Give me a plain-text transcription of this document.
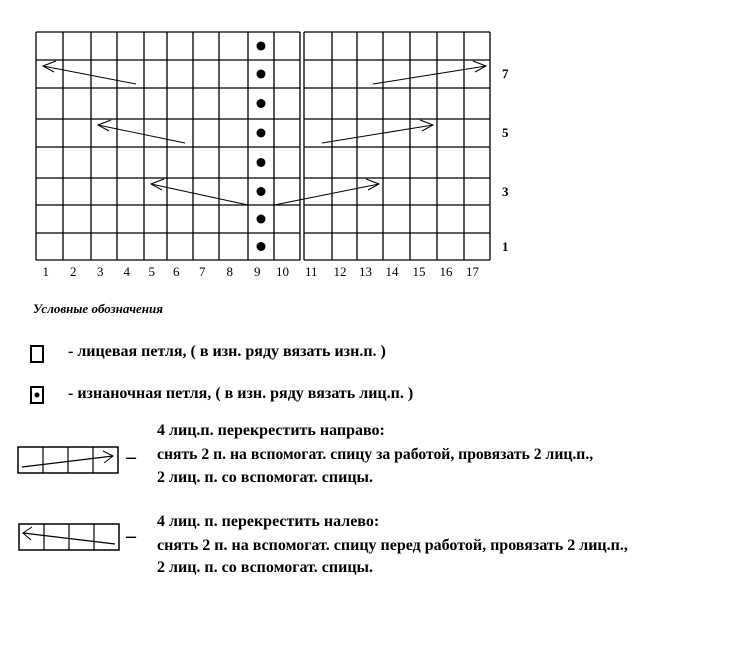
1 2 3 4 5 6 7 8 9 10 11 12 13 14 15 16 17
7
5
3
1
Условные обозначения
- лицевая петля, ( в изн. ряду вязать изн.п. )
- изнаночная петля, ( в изн. ряду вязать лиц.п. )
4 лиц.п. перекрестить направо:
– снять 2 п. на вспомогат. спицу за работой, провязать 2 лиц.п.,
2 лиц. п. со вспомогат. спицы.
4 лиц. п. перекрестить налево:
– снять 2 п. на вспомогат. спицу перед работой, провязать 2 лиц.п.,
2 лиц. п. со вспомогат. спицы.
